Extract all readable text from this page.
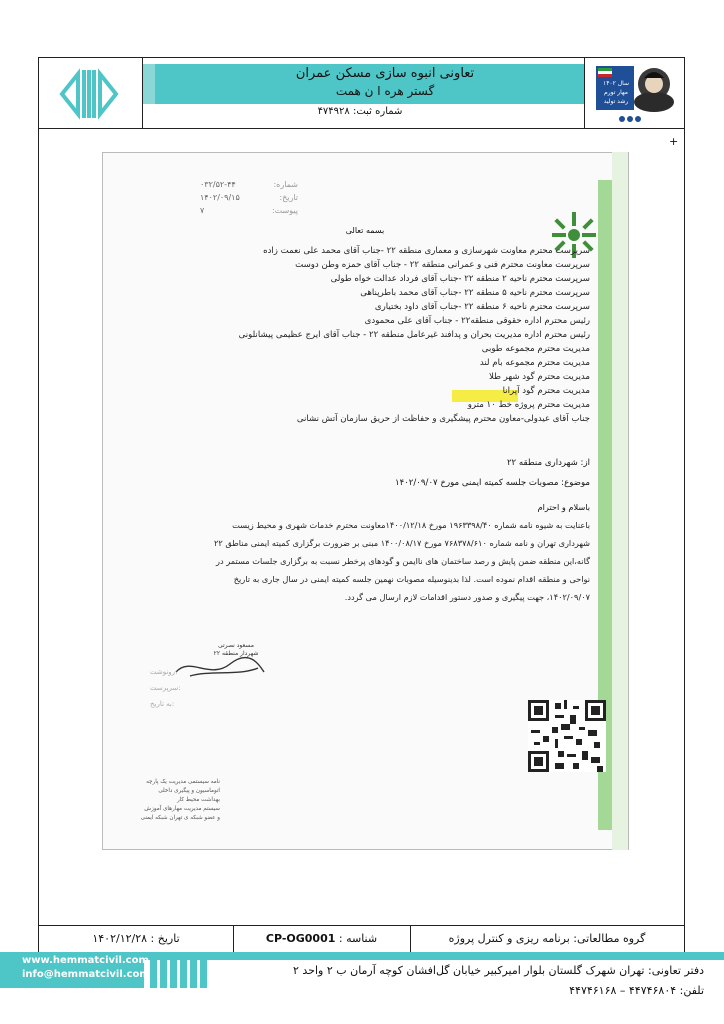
تعاونی انبوه سازی مسکن عمران
گستر هره ا ن همت
شماره ثبت: ۴۷۴۹۲۸
سال ۱۴۰۲
مهار تورم
رشد تولید
+
۰۳۲/۵۲-۴۴
۱۴۰۲/۰۹/۱۵
۷
شماره:
تاریخ:
پیوست:
بسمه تعالی
سرپرست محترم معاونت شهرسازی و معماری منطقه ۲۲ -جناب آقای محمد علی نعمت زاده
سرپرست معاونت محترم فنی و عمرانی منطقه ۲۲ - جناب آقای حمزه وطن دوست
سرپرست محترم ناحیه ۲ منطقه ۲۲ -جناب آقای فرداد عدالت خواه طولی
سرپرست محترم ناحیه ۵ منطقه ۲۲ -جناب آقای محمد باطرپناهی
سرپرست محترم ناحیه ۶ منطقه ۲۲ -جناب آقای داود بختیاری
رئیس محترم اداره حقوقی منطقه۲۲ - جناب آقای علی محمودی
رئیس محترم اداره مدیریت بحران و پدافند غیرعامل منطقه ۲۲ - جناب آقای ایرج عظیمی پیشانلونی
مدیریت محترم مجموعه طوبی
مدیریت محترم مجموعه بام لند
مدیریت محترم گود شهر طلا
مدیریت محترم گود آپرانا
مدیریت محترم پروژه خط ۱۰ مترو
جناب آقای عیدولی-معاون محترم پیشگیری و حفاظت از حریق سازمان آتش نشانی
از: شهرداری منطقه ۲۲
موضوع: مصوبات جلسه کمیته ایمنی مورخ ۱۴۰۲/۰۹/۰۷
باسلام و احترام
باعنایت به شیوه نامه شماره ۱۹۶۳۳۹۸/۴۰ مورخ ۱۴۰۰/۱۲/۱۸معاونت محترم خدمات شهری و محیط زیست
شهرداری تهران و نامه شماره ۷۶۸۳۷۸/۶۱۰ مورخ ۱۴۰۰/۰۸/۱۷ مبنی بر ضرورت برگزاری کمیته ایمنی مناطق ۲۲
گانه،این منطقه ضمن پایش و رصد ساختمان های ناایمن و گودهای پرخطر نسبت به برگزاری جلسات مستمر در
نواحی و منطقه اقدام نموده است. لذا بدینوسیله مصوبات نهمین جلسه کمیته ایمنی در سال جاری به تاریخ
۱۴۰۲/۰۹/۰۷، جهت پیگیری و صدور دستور اقدامات لازم ارسال می گردد.
مسعود نصرتی
شهردار منطقه ۲۲
رونوشت:
سرپرست:
به تاریخ:
نامه سیستمی مدیریت یک پارچه
اتوماسیون و پیگیری داخلی
بهداشت محیط کار
سیستم مدیریت مهارهای آموزش
و عضو شبکه ی تهران شبکه ایمنی
گروه مطالعاتی: برنامه ریزی و کنترل پروژه
شناسه : CP-OG0001
تاریخ : ۱۴۰۲/۱۲/۲۸
www.hemmatcivil.com
info@hemmatcivil.com	دفتر تعاونی: تهران شهرک گلستان بلوار امیرکبیر خیابان گل‌افشان کوچه آرمان ب ۲ واحد ۲
تلفن: ۴۴۷۴۶۸۰۴ – ۴۴۷۴۶۱۶۸
